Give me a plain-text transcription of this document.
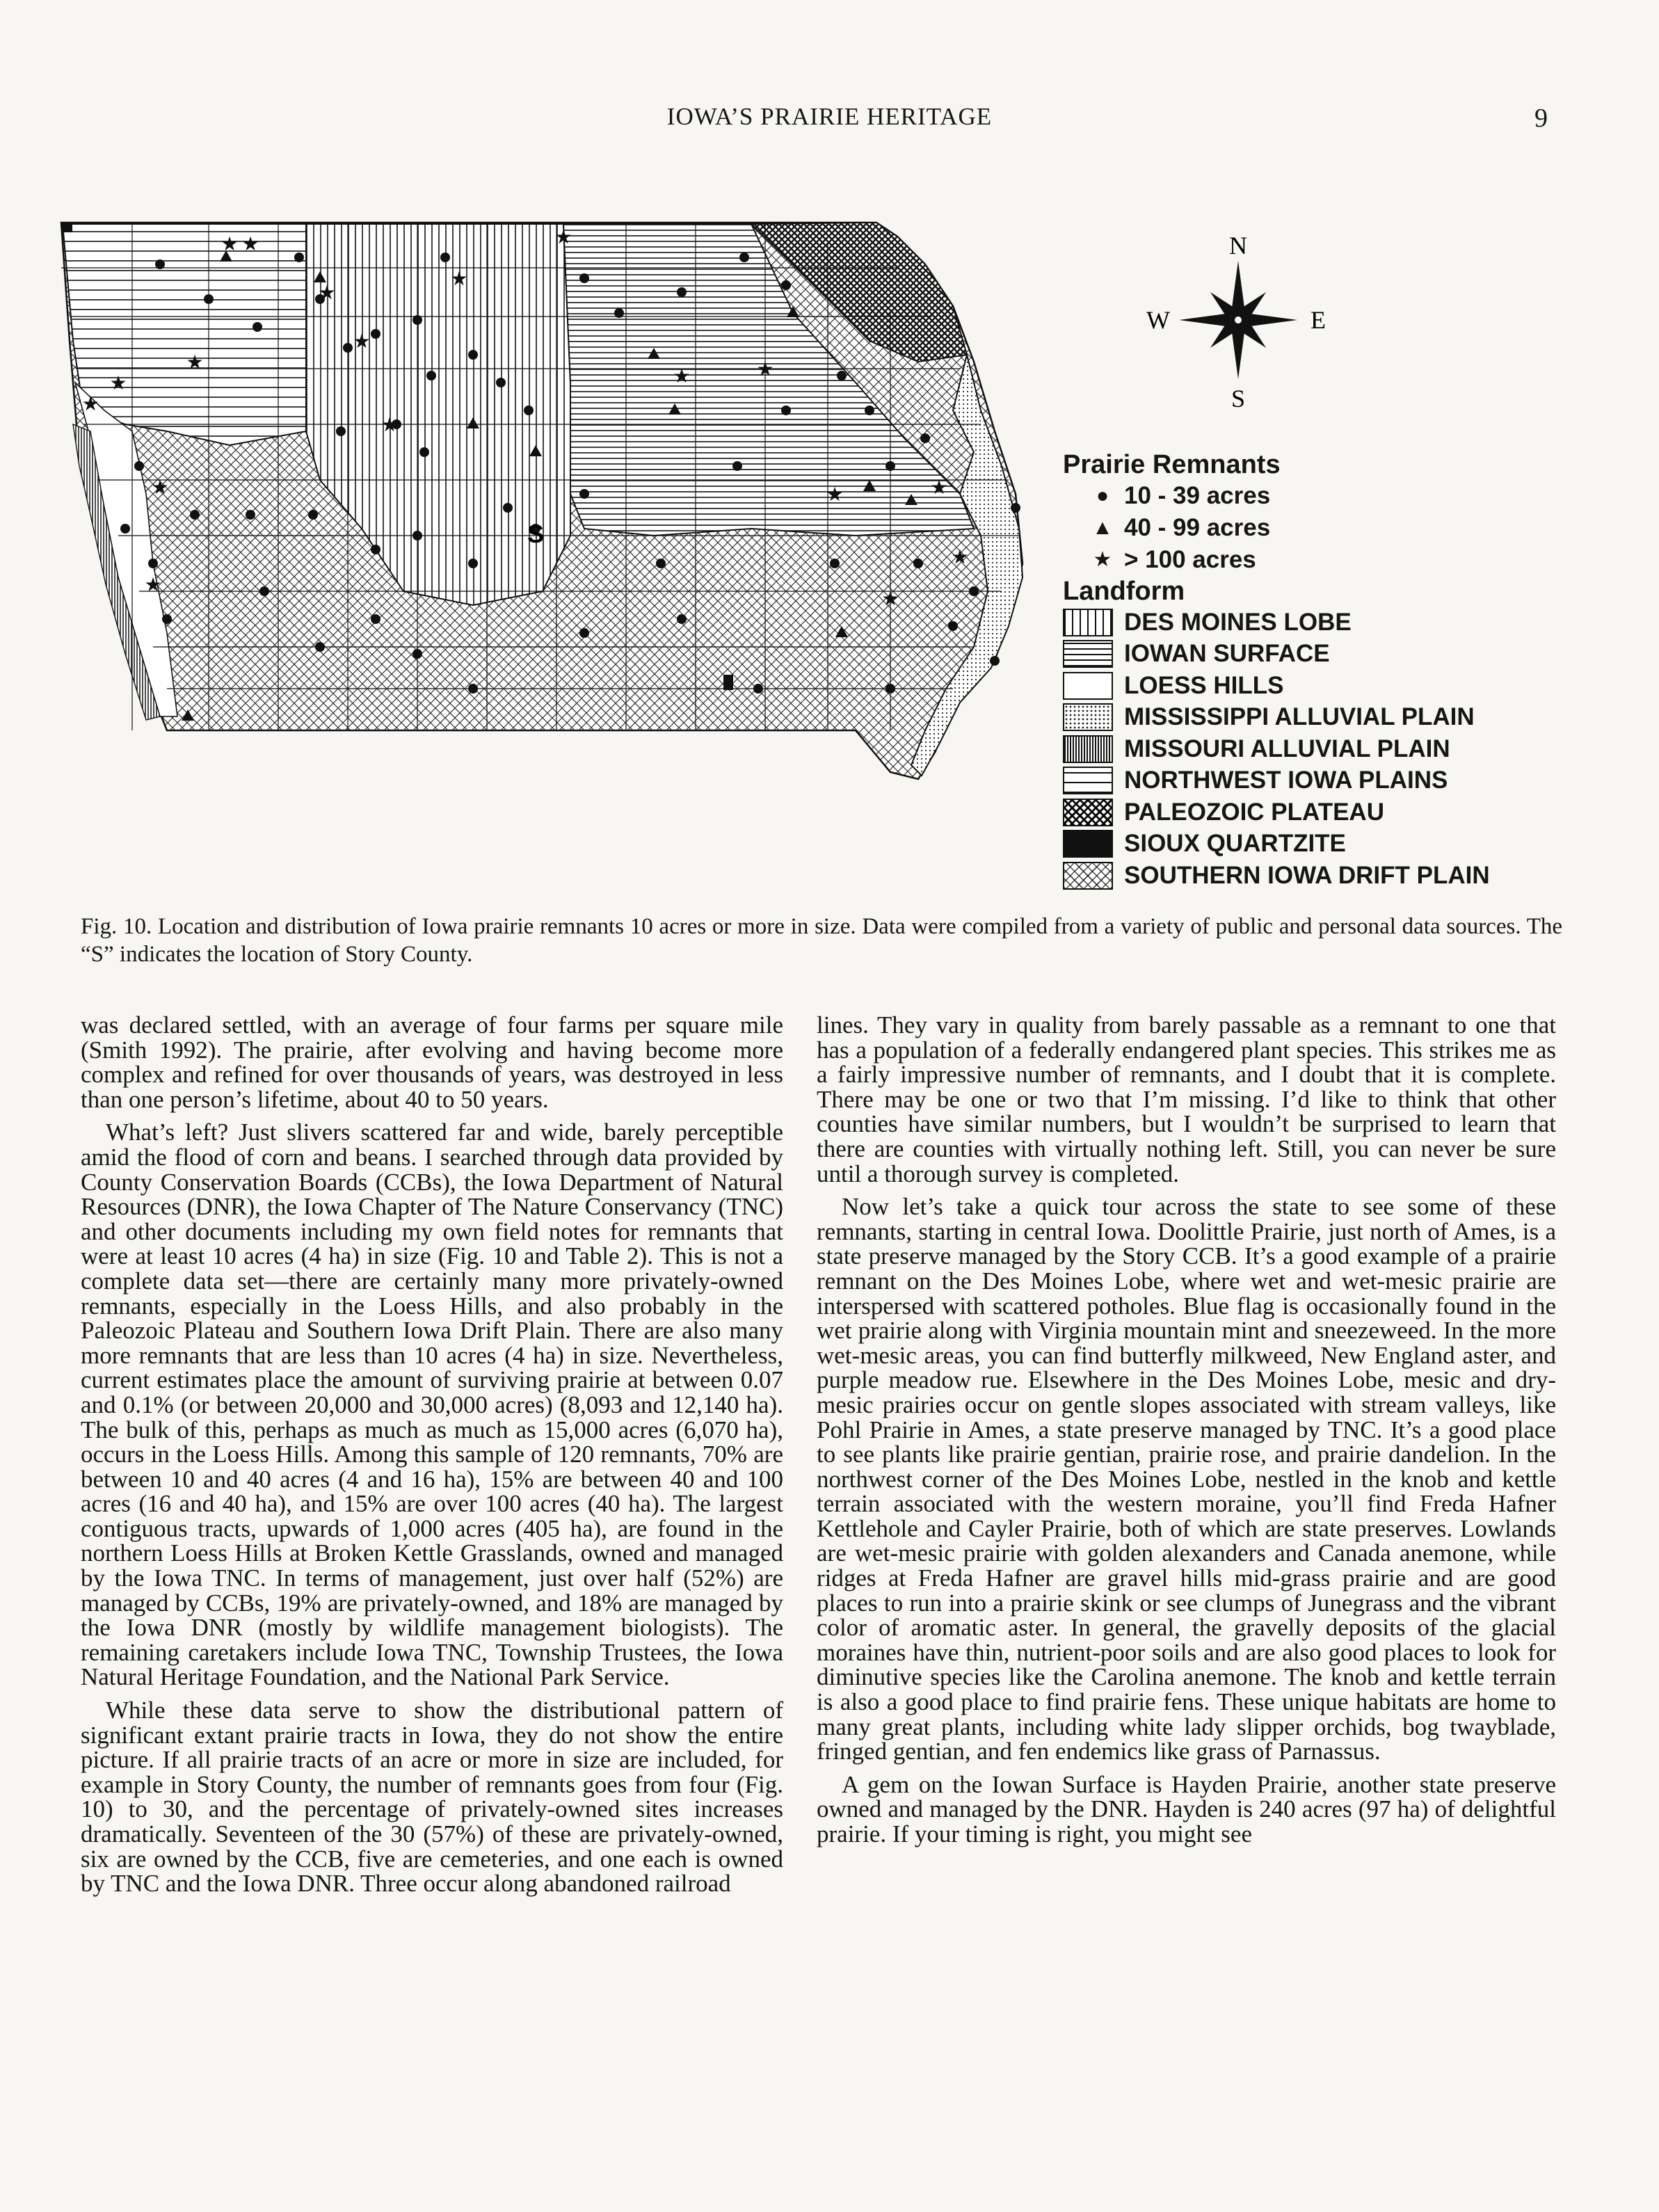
IOWA’S PRAIRIE HERITAGE	9
★ ★
★
★
★
★	★
★
★
★
★
★
★
★
★
★
★
★
S
N
S
E
W
Prairie Remnants
● 10 - 39 acres
▲ 40 - 99 acres
★ > 100 acres
Landform
DES MOINES LOBE
IOWAN SURFACE
LOESS HILLS
MISSISSIPPI ALLUVIAL PLAIN
MISSOURI ALLUVIAL PLAIN
NORTHWEST IOWA PLAINS
PALEOZOIC PLATEAU
SIOUX QUARTZITE
SOUTHERN IOWA DRIFT PLAIN
Fig. 10. Location and distribution of Iowa prairie remnants 10 acres or more in size. Data were compiled from a variety of public and personal data sources. The “S” indicates the location of Story County.

was declared settled, with an average of four farms per square mile (Smith 1992). The prairie, after evolving and having become more complex and refined for over thousands of years, was destroyed in less than one person’s lifetime, about 40 to 50 years.

What’s left? Just slivers scattered far and wide, barely perceptible amid the flood of corn and beans. I searched through data provided by County Conservation Boards (CCBs), the Iowa Department of Natural Resources (DNR), the Iowa Chapter of The Nature Conservancy (TNC) and other documents including my own field notes for remnants that were at least 10 acres (4 ha) in size (Fig. 10 and Table 2). This is not a complete data set—there are certainly many more privately-owned remnants, especially in the Loess Hills, and also probably in the Paleozoic Plateau and Southern Iowa Drift Plain. There are also many more remnants that are less than 10 acres (4 ha) in size. Nevertheless, current estimates place the amount of surviving prairie at between 0.07 and 0.1% (or between 20,000 and 30,000 acres) (8,093 and 12,140 ha). The bulk of this, perhaps as much as much as 15,000 acres (6,070 ha), occurs in the Loess Hills. Among this sample of 120 remnants, 70% are between 10 and 40 acres (4 and 16 ha), 15% are between 40 and 100 acres (16 and 40 ha), and 15% are over 100 acres (40 ha). The largest contiguous tracts, upwards of 1,000 acres (405 ha), are found in the northern Loess Hills at Broken Kettle Grasslands, owned and managed by the Iowa TNC. In terms of management, just over half (52%) are managed by CCBs, 19% are privately-owned, and 18% are managed by the Iowa DNR (mostly by wildlife management biologists). The remaining caretakers include Iowa TNC, Township Trustees, the Iowa Natural Heritage Foundation, and the National Park Service.

While these data serve to show the distributional pattern of significant extant prairie tracts in Iowa, they do not show the entire picture. If all prairie tracts of an acre or more in size are included, for example in Story County, the number of remnants goes from four (Fig. 10) to 30, and the percentage of privately-owned sites increases dramatically. Seventeen of the 30 (57%) of these are privately-owned, six are owned by the CCB, five are cemeteries, and one each is owned by TNC and the Iowa DNR. Three occur along abandoned railroad

lines. They vary in quality from barely passable as a remnant to one that has a population of a federally endangered plant species. This strikes me as a fairly impressive number of remnants, and I doubt that it is complete. There may be one or two that I’m missing. I’d like to think that other counties have similar numbers, but I wouldn’t be surprised to learn that there are counties with virtually nothing left. Still, you can never be sure until a thorough survey is completed.

Now let’s take a quick tour across the state to see some of these remnants, starting in central Iowa. Doolittle Prairie, just north of Ames, is a state preserve managed by the Story CCB. It’s a good example of a prairie remnant on the Des Moines Lobe, where wet and wet-mesic prairie are interspersed with scattered potholes. Blue flag is occasionally found in the wet prairie along with Virginia mountain mint and sneezeweed. In the more wet-mesic areas, you can find butterfly milkweed, New England aster, and purple meadow rue. Elsewhere in the Des Moines Lobe, mesic and dry-mesic prairies occur on gentle slopes associated with stream valleys, like Pohl Prairie in Ames, a state preserve managed by TNC. It’s a good place to see plants like prairie gentian, prairie rose, and prairie dandelion. In the northwest corner of the Des Moines Lobe, nestled in the knob and kettle terrain associated with the western moraine, you’ll find Freda Hafner Kettlehole and Cayler Prairie, both of which are state preserves. Lowlands are wet-mesic prairie with golden alexanders and Canada anemone, while ridges at Freda Hafner are gravel hills mid-grass prairie and are good places to run into a prairie skink or see clumps of Junegrass and the vibrant color of aromatic aster. In general, the gravelly deposits of the glacial moraines have thin, nutrient-poor soils and are also good places to look for diminutive species like the Carolina anemone. The knob and kettle terrain is also a good place to find prairie fens. These unique habitats are home to many great plants, including white lady slipper orchids, bog twayblade, fringed gentian, and fen endemics like grass of Parnassus.

A gem on the Iowan Surface is Hayden Prairie, another state preserve owned and managed by the DNR. Hayden is 240 acres (97 ha) of delightful prairie. If your timing is right, you might see
